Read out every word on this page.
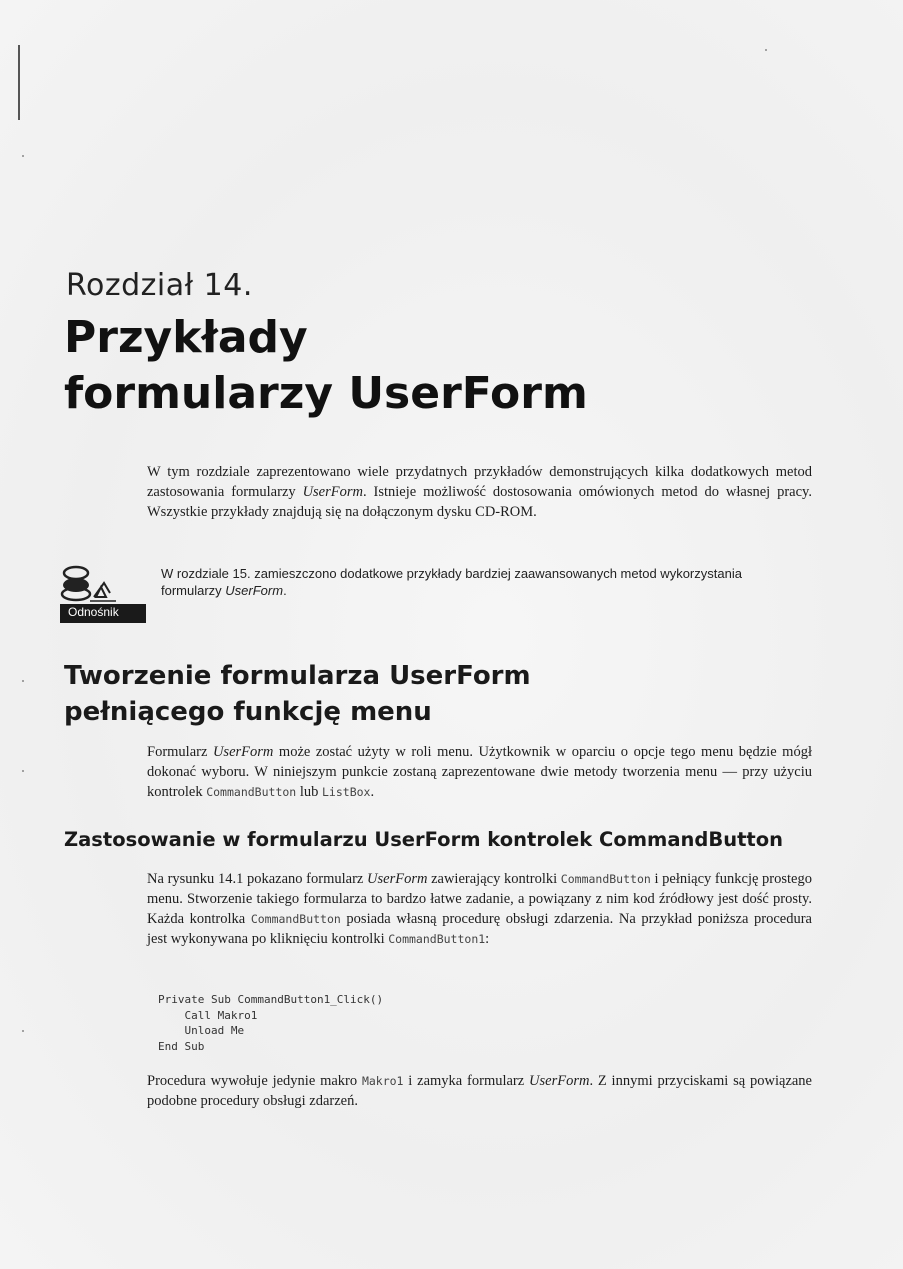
Rozdział 14.
Przykłady
formularzy UserForm

W tym rozdziale zaprezentowano wiele przydatnych przykładów demonstrujących kilka dodatkowych metod zastosowania formularzy UserForm. Istnieje możliwość dostosowania omówionych metod do własnej pracy. Wszystkie przykłady znajdują się na dołączonym dysku CD-ROM.

Odnośnik

W rozdziale 15. zamieszczono dodatkowe przykłady bardziej zaawansowanych metod wykorzystania formularzy UserForm.

Tworzenie formularza UserForm
pełniącego funkcję menu

Formularz UserForm może zostać użyty w roli menu. Użytkownik w oparciu o opcje tego menu będzie mógł dokonać wyboru. W niniejszym punkcie zostaną zaprezentowane dwie metody tworzenia menu — przy użyciu kontrolek CommandButton lub ListBox.

Zastosowanie w formularzu UserForm kontrolek CommandButton

Na rysunku 14.1 pokazano formularz UserForm zawierający kontrolki CommandButton i pełniący funkcję prostego menu. Stworzenie takiego formularza to bardzo łatwe zadanie, a powiązany z nim kod źródłowy jest dość prosty. Każda kontrolka CommandButton posiada własną procedurę obsługi zdarzenia. Na przykład poniższa procedura jest wykonywana po kliknięciu kontrolki CommandButton1:

Private Sub CommandButton1_Click()
Call Makro1
Unload Me
End Sub

Procedura wywołuje jedynie makro Makro1 i zamyka formularz UserForm. Z innymi przyciskami są powiązane podobne procedury obsługi zdarzeń.
